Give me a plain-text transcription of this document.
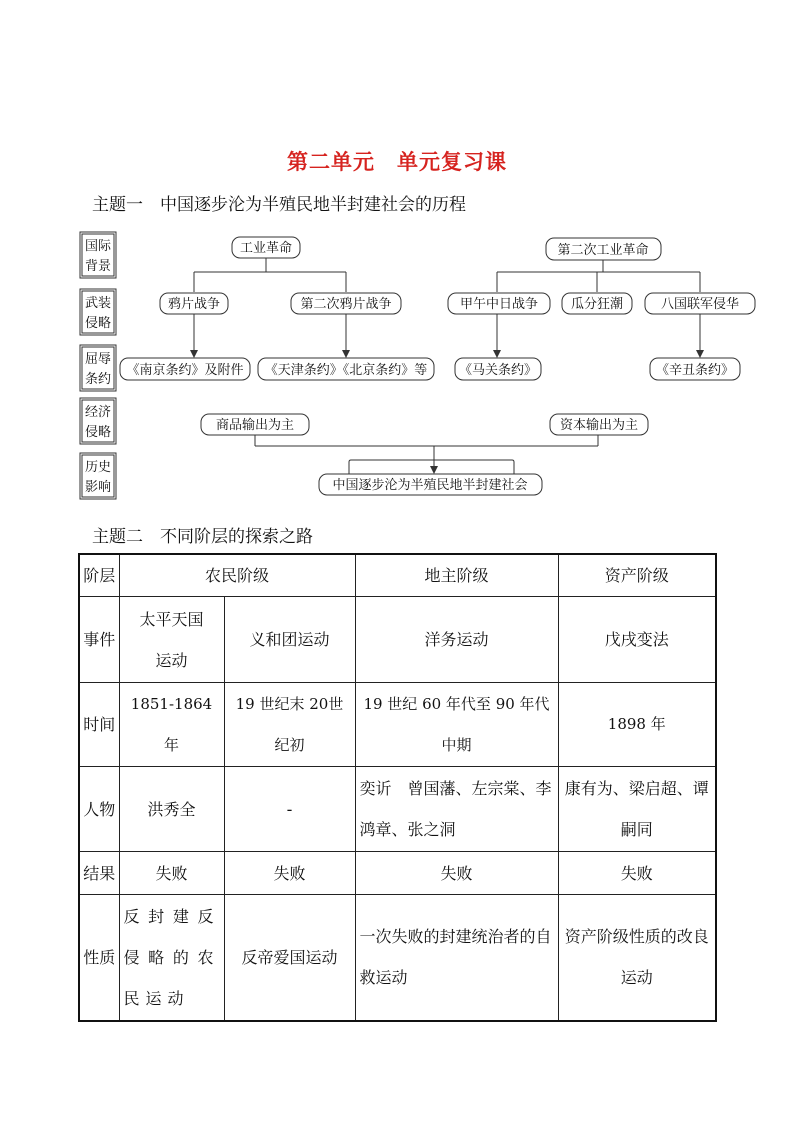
第二单元　单元复习课
主题一　中国逐步沦为半殖民地半封建社会的历程
国际
背景
武装
侵略
屈辱
条约
经济
侵略
历史
影响
工业革命	第二次工业革命
鸦片战争	第二次鸦片战争	甲午中日战争	瓜分狂潮	八国联军侵华
《南京条约》及附件 《天津条约》《北京条约》等 《马关条约》	《辛丑条约》
商品输出为主	资本输出为主
中国逐步沦为半殖民地半封建社会
主题二　不同阶层的探索之路
阶层	农民阶级		地主阶级	资产阶级
事件	太平天国运动	义和团运动	洋务运动	戊戌变法
时间	1851-1864年	19 世纪末 20世纪初	19 世纪 60 年代至 90 年代中期	1898 年
人物	洪秀全	-	奕䜣　曾国藩、左宗棠、李鸿章、张之洞	康有为、梁启超、谭嗣同
结果	失败	失败	失败	失败
性质	反封建反侵略的农民运动	反帝爱国运动	一次失败的封建统治者的自救运动	资产阶级性质的改良运动
